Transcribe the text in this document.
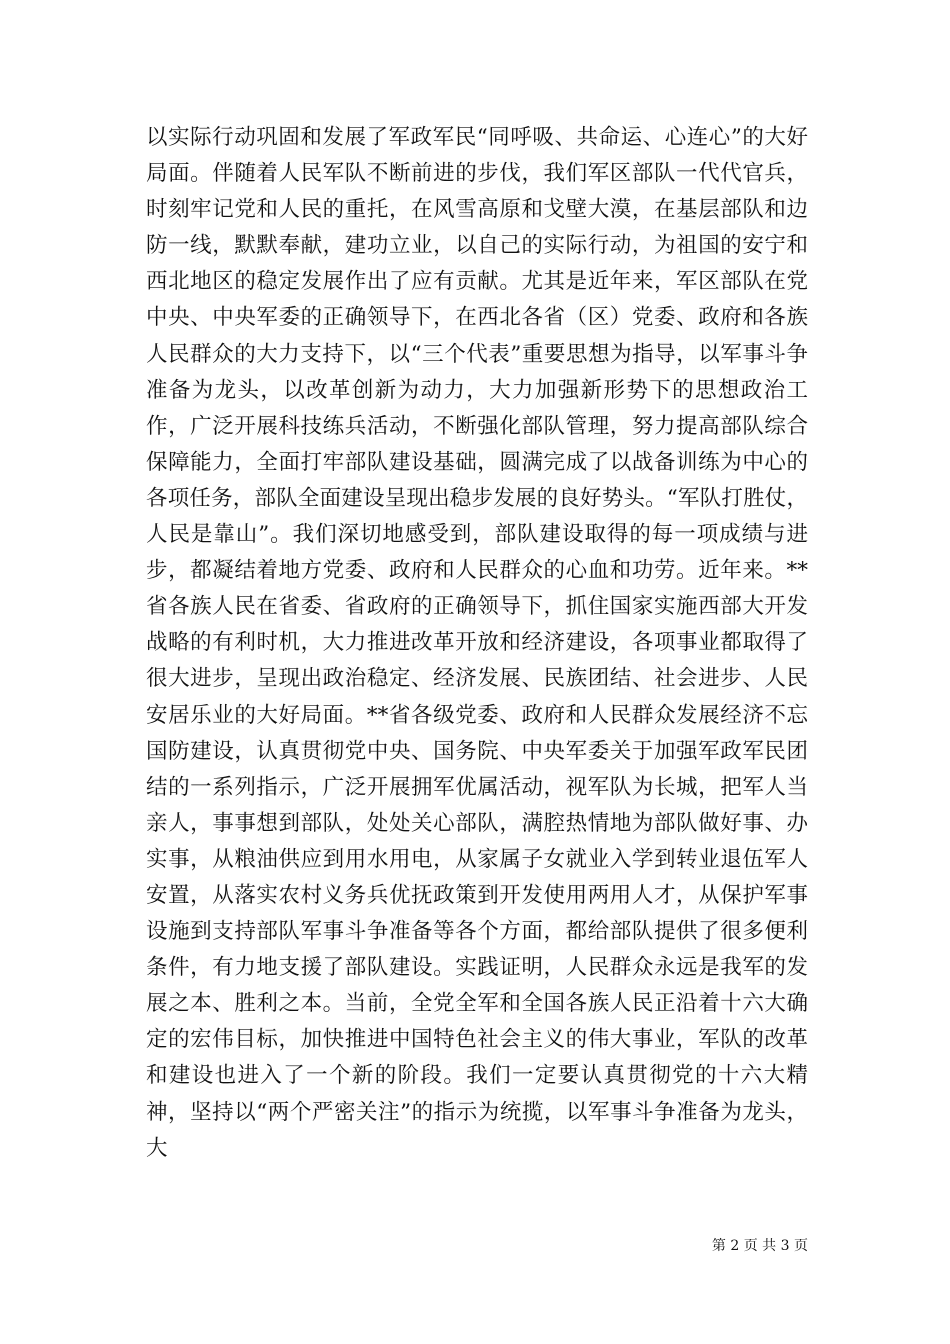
以实际行动巩固和发展了军政军民“同呼吸、共命运、心连心”的大好局面。伴随着人民军队不断前进的步伐，我们军区部队一代代官兵，时刻牢记党和人民的重托，在风雪高原和戈壁大漠，在基层部队和边防一线，默默奉献，建功立业，以自己的实际行动，为祖国的安宁和西北地区的稳定发展作出了应有贡献。尤其是近年来，军区部队在党中央、中央军委的正确领导下，在西北各省（区）党委、政府和各族人民群众的大力支持下，以“三个代表”重要思想为指导，以军事斗争准备为龙头，以改革创新为动力，大力加强新形势下的思想政治工作，广泛开展科技练兵活动，不断强化部队管理，努力提高部队综合保障能力，全面打牢部队建设基础，圆满完成了以战备训练为中心的各项任务，部队全面建设呈现出稳步发展的良好势头。“军队打胜仗，人民是靠山”。我们深切地感受到，部队建设取得的每一项成绩与进步，都凝结着地方党委、政府和人民群众的心血和功劳。近年来。**省各族人民在省委、省政府的正确领导下，抓住国家实施西部大开发战略的有利时机，大力推进改革开放和经济建设，各项事业都取得了很大进步，呈现出政治稳定、经济发展、民族团结、社会进步、人民安居乐业的大好局面。**省各级党委、政府和人民群众发展经济不忘国防建设，认真贯彻党中央、国务院、中央军委关于加强军政军民团结的一系列指示，广泛开展拥军优属活动，视军队为长城，把军人当亲人，事事想到部队，处处关心部队，满腔热情地为部队做好事、办实事，从粮油供应到用水用电，从家属子女就业入学到转业退伍军人安置，从落实农村义务兵优抚政策到开发使用两用人才，从保护军事设施到支持部队军事斗争准备等各个方面，都给部队提供了很多便利条件，有力地支援了部队建设。实践证明，人民群众永远是我军的发展之本、胜利之本。当前，全党全军和全国各族人民正沿着十六大确定的宏伟目标，加快推进中国特色社会主义的伟大事业，军队的改革和建设也进入了一个新的阶段。我们一定要认真贯彻党的十六大精神，坚持以“两个严密关注”的指示为统揽，以军事斗争准备为龙头，大

第 2 页 共 3 页
